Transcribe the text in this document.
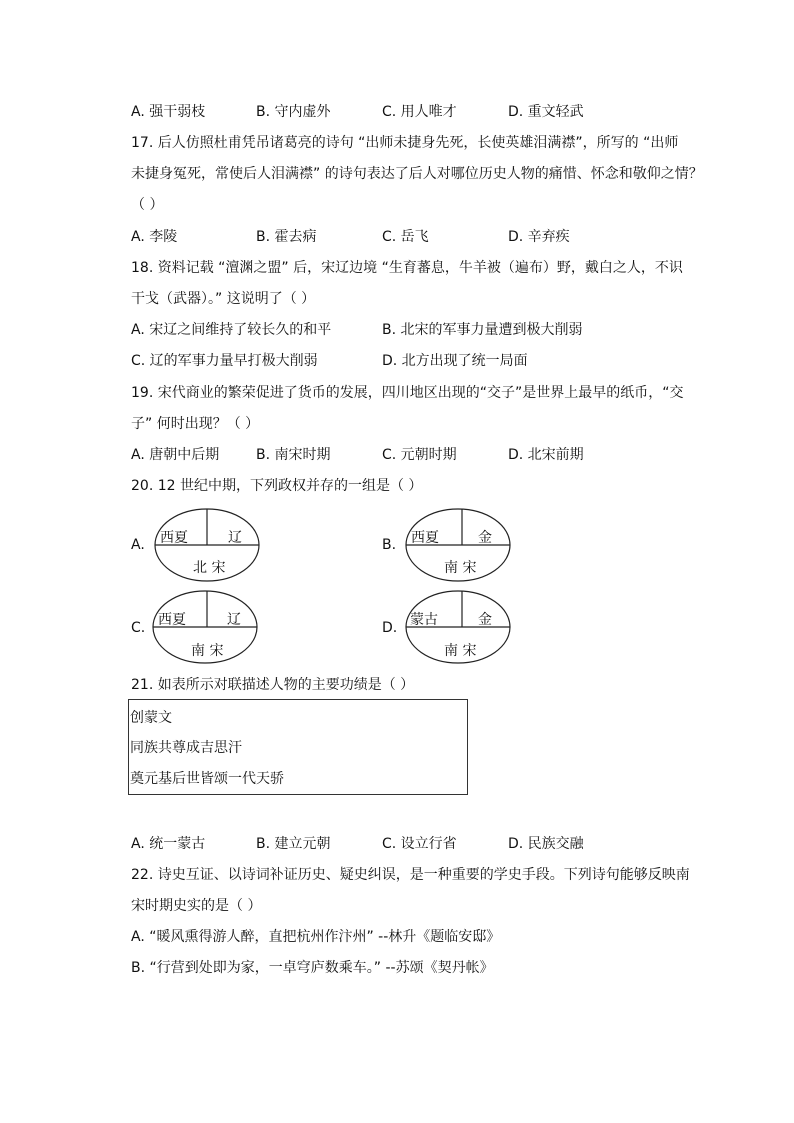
A. 强干弱枝	B. 守内虚外	C. 用人唯才	D. 重文轻武
17. 后人仿照杜甫凭吊诸葛亮的诗句 “出师未捷身先死，长使英雄泪满襟”，所写的 “出师
未捷身冤死，常使后人泪满襟” 的诗句表达了后人对哪位历史人物的痛惜、怀念和敬仰之情？
（ ）
A. 李陵	B. 霍去病	C. 岳飞	D. 辛弃疾
18. 资料记载 “澶渊之盟” 后，宋辽边境 “生育蕃息，牛羊被（遍布）野，戴白之人，不识
干戈（武器）。” 这说明了（ ）
A. 宋辽之间维持了较长久的和平	B. 北宋的军事力量遭到极大削弱
C. 辽的军事力量早打极大削弱	D. 北方出现了统一局面
19. 宋代商业的繁荣促进了货币的发展，四川地区出现的“交子”是世界上最早的纸币，“交
子” 何时出现？（ ）
A. 唐朝中后期	B. 南宋时期	C. 元朝时期	D. 北宋前期
20. 12 世纪中期，下列政权并存的一组是（ ）
A. 西夏	辽
北 宋
B. 西夏	金
南 宋
C. 西夏	辽
南 宋
D. 蒙古	金
南 宋
21. 如表所示对联描述人物的主要功绩是（ ）
创蒙文
同族共尊成吉思汗
奠元基后世皆颂一代天骄
A. 统一蒙古	B. 建立元朝	C. 设立行省	D. 民族交融
22. 诗史互证、以诗词补证历史、疑史纠误，是一种重要的学史手段。下列诗句能够反映南
宋时期史实的是（ ）
A. “暖风熏得游人醉，直把杭州作汴州” --林升《题临安邸》
B. “行营到处即为家，一卓穹庐数乘车。” --苏颂《契丹帐》
